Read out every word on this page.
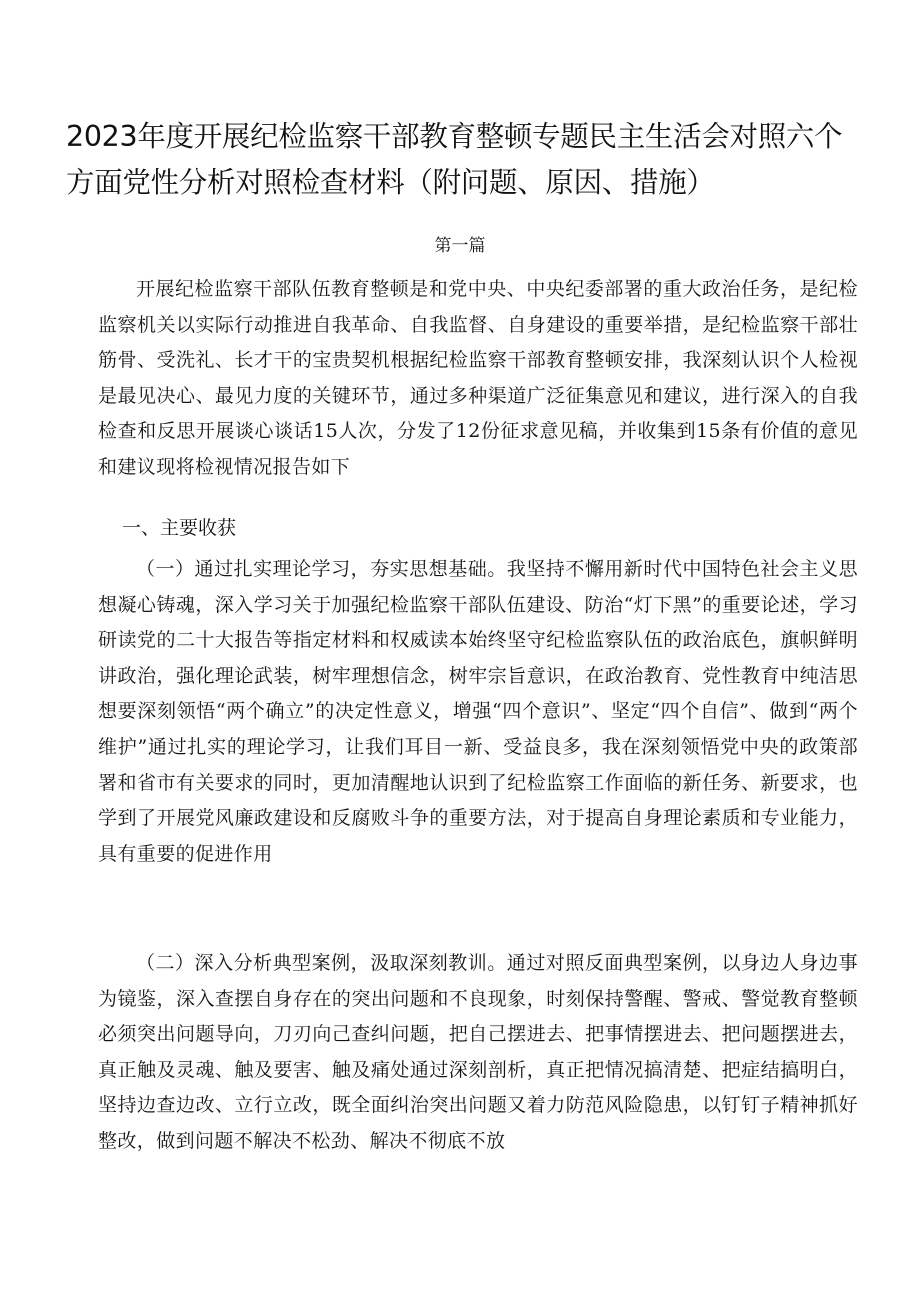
2023年度开展纪检监察干部教育整顿专题民主生活会对照六个方面党性分析对照检查材料（附问题、原因、措施）

第一篇

开展纪检监察干部队伍教育整顿是和党中央、中央纪委部署的重大政治任务，是纪检监察机关以实际行动推进自我革命、自我监督、自身建设的重要举措，是纪检监察干部壮筋骨、受洗礼、长才干的宝贵契机根据纪检监察干部教育整顿安排，我深刻认识个人检视是最见决心、最见力度的关键环节，通过多种渠道广泛征集意见和建议，进行深入的自我检查和反思开展谈心谈话15人次，分发了12份征求意见稿，并收集到15条有价值的意见和建议现将检视情况报告如下

一、主要收获

（一）通过扎实理论学习，夯实思想基础。我坚持不懈用新时代中国特色社会主义思想凝心铸魂，深入学习关于加强纪检监察干部队伍建设、防治“灯下黑”的重要论述，学习研读党的二十大报告等指定材料和权威读本始终坚守纪检监察队伍的政治底色，旗帜鲜明讲政治，强化理论武装，树牢理想信念，树牢宗旨意识，在政治教育、党性教育中纯洁思想要深刻领悟“两个确立”的决定性意义，增强“四个意识”、坚定“四个自信”、做到“两个维护”通过扎实的理论学习，让我们耳目一新、受益良多，我在深刻领悟党中央的政策部署和省市有关要求的同时，更加清醒地认识到了纪检监察工作面临的新任务、新要求，也学到了开展党风廉政建设和反腐败斗争的重要方法，对于提高自身理论素质和专业能力，具有重要的促进作用

（二）深入分析典型案例，汲取深刻教训。通过对照反面典型案例，以身边人身边事为镜鉴，深入查摆自身存在的突出问题和不良现象，时刻保持警醒、警戒、警觉教育整顿必须突出问题导向，刀刃向己查纠问题，把自己摆进去、把事情摆进去、把问题摆进去，真正触及灵魂、触及要害、触及痛处通过深刻剖析，真正把情况搞清楚、把症结搞明白，坚持边查边改、立行立改，既全面纠治突出问题又着力防范风险隐患，以钉钉子精神抓好整改，做到问题不解决不松劲、解决不彻底不放
